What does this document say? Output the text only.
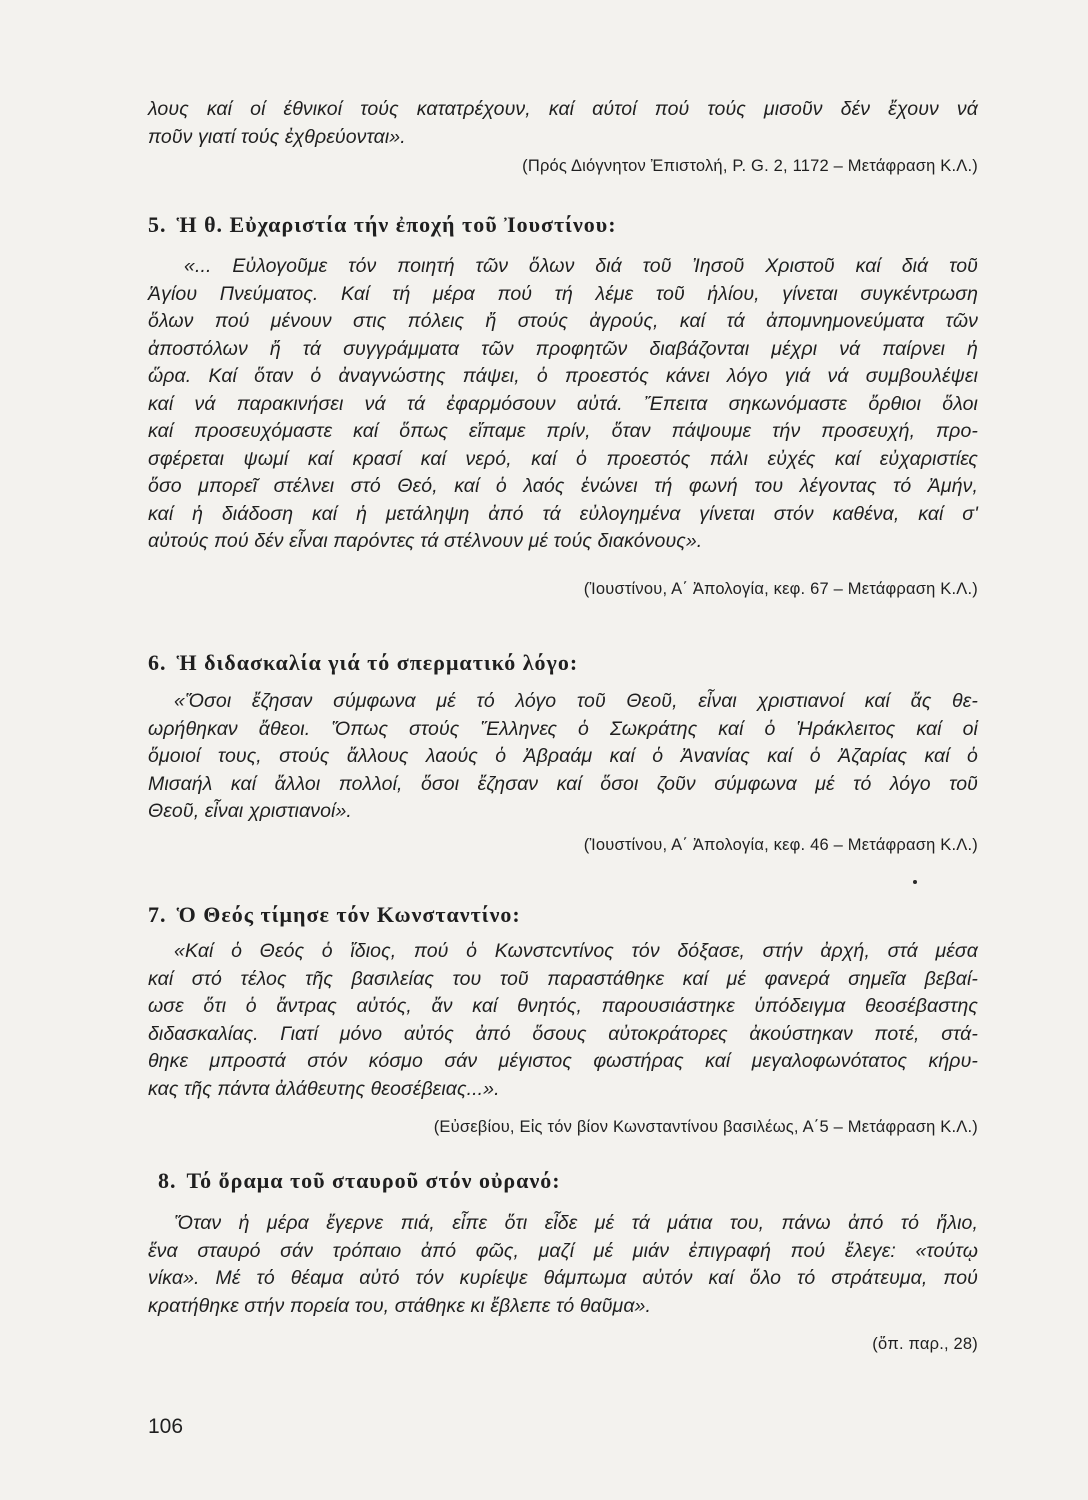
λους καί οί έθνικοί τούς κατατρέχουν, καί αύτοί πού τούς μισοῦν δέν ἔχουν νά
ποῦν γιατί τούς ἐχθρεύονται».

(Πρός Διόγνητον Ἐπιστολή, P. G. 2, 1172 – Μετάφραση Κ.Λ.)

5. Ἡ θ. Εὐχαριστία τήν ἐποχή τοῦ Ἰουστίνου:

«... Εὐλογοῦμε τόν ποιητή τῶν ὅλων διά τοῦ Ἰησοῦ Χριστοῦ καί διά τοῦ
Ἁγίου Πνεύματος. Καί τή μέρα πού τή λέμε τοῦ ἡλίου, γίνεται συγκέντρωση
ὅλων πού μένουν στις πόλεις ἤ στούς ἀγρούς, καί τά ἀπομνημονεύματα τῶν
ἀποστόλων ἤ τά συγγράμματα τῶν προφητῶν διαβάζονται μέχρι νά παίρνει ἡ
ὥρα. Καί ὅταν ὁ ἀναγνώστης πάψει, ὁ προεστός κάνει λόγο γιά νά συμβουλέψει
καί νά παρακινήσει νά τά ἐφαρμόσουν αὐτά. Ἔπειτα σηκωνόμαστε ὄρθιοι ὅλοι
καί προσευχόμαστε καί ὅπως εἴπαμε πρίν, ὅταν πάψουμε τήν προσευχή, προ-
σφέρεται ψωμί καί κρασί καί νερό, καί ὁ προεστός πάλι εὐχές καί εὐχαριστίες
ὅσο μπορεῖ στέλνει στό Θεό, καί ὁ λαός ἑνώνει τή φωνή του λέγοντας τό Ἀμήν,
καί ἡ διάδοση καί ἡ μετάληψη ἀπό τά εὐλογημένα γίνεται στόν καθένα, καί σ'
αὐτούς πού δέν εἶναι παρόντες τά στέλνουν μέ τούς διακόνους».

(Ἰουστίνου, Α΄ Ἀπολογία, κεφ. 67 – Μετάφραση Κ.Λ.)

6. Ἡ διδασκαλία γιά τό σπερματικό λόγο:

«Ὅσοι ἔζησαν σύμφωνα μέ τό λόγο τοῦ Θεοῦ, εἶναι χριστιανοί καί ἄς θε-
ωρήθηκαν ἄθεοι. Ὅπως στούς Ἕλληνες ὁ Σωκράτης καί ὁ Ἡράκλειτος καί οἱ
ὅμοιοί τους, στούς ἄλλους λαούς ὁ Ἀβραάμ καί ὁ Ἀνανίας καί ὁ Ἀζαρίας καί ὁ
Μισαήλ καί ἄλλοι πολλοί, ὅσοι ἔζησαν καί ὅσοι ζοῦν σύμφωνα μέ τό λόγο τοῦ
Θεοῦ, εἶναι χριστιανοί».

(Ἰουστίνου, Α΄ Ἀπολογία, κεφ. 46 – Μετάφραση Κ.Λ.)

7. Ὁ Θεός τίμησε τόν Κωνσταντίνο:

«Καί ὁ Θεός ὁ ἴδιος, πού ὁ Κωνστcντίνος τόν δόξασε, στήν ἀρχή, στά μέσα
καί στό τέλος τῆς βασιλείας του τοῦ παραστάθηκε καί μέ φανερά σημεῖα βεβαί-
ωσε ὅτι ὁ ἄντρας αὐτός, ἄν καί θνητός, παρουσιάστηκε ὑπόδειγμα θεοσέβαστης
διδασκαλίας. Γιατί μόνο αὐτός ἀπό ὅσους αὐτοκράτορες ἀκούστηκαν ποτέ, στά-
θηκε μπροστά στόν κόσμο σάν μέγιστος φωστήρας καί μεγαλοφωνότατος κήρυ-
κας τῆς πάντα ἀλάθευτης θεοσέβειας...».

(Εὐσεβίου, Εἰς τόν βίον Κωνσταντίνου βασιλέως, Α΄5 – Μετάφραση Κ.Λ.)

8. Τό ὅραμα τοῦ σταυροῦ στόν οὐρανό:

Ὅταν ἡ μέρα ἔγερνε πιά, εἶπε ὅτι εἶδε μέ τά μάτια του, πάνω ἀπό τό ἥλιο,
ἕνα σταυρό σάν τρόπαιο ἀπό φῶς, μαζί μέ μιάν ἐπιγραφή πού ἔλεγε: «τούτῳ
νίκα». Μέ τό θέαμα αὐτό τόν κυρίεψε θάμπωμα αὐτόν καί ὅλο τό στράτευμα, πού
κρατήθηκε στήν πορεία του, στάθηκε κι ἔβλεπε τό θαῦμα».

(ὅπ. παρ., 28)

106
